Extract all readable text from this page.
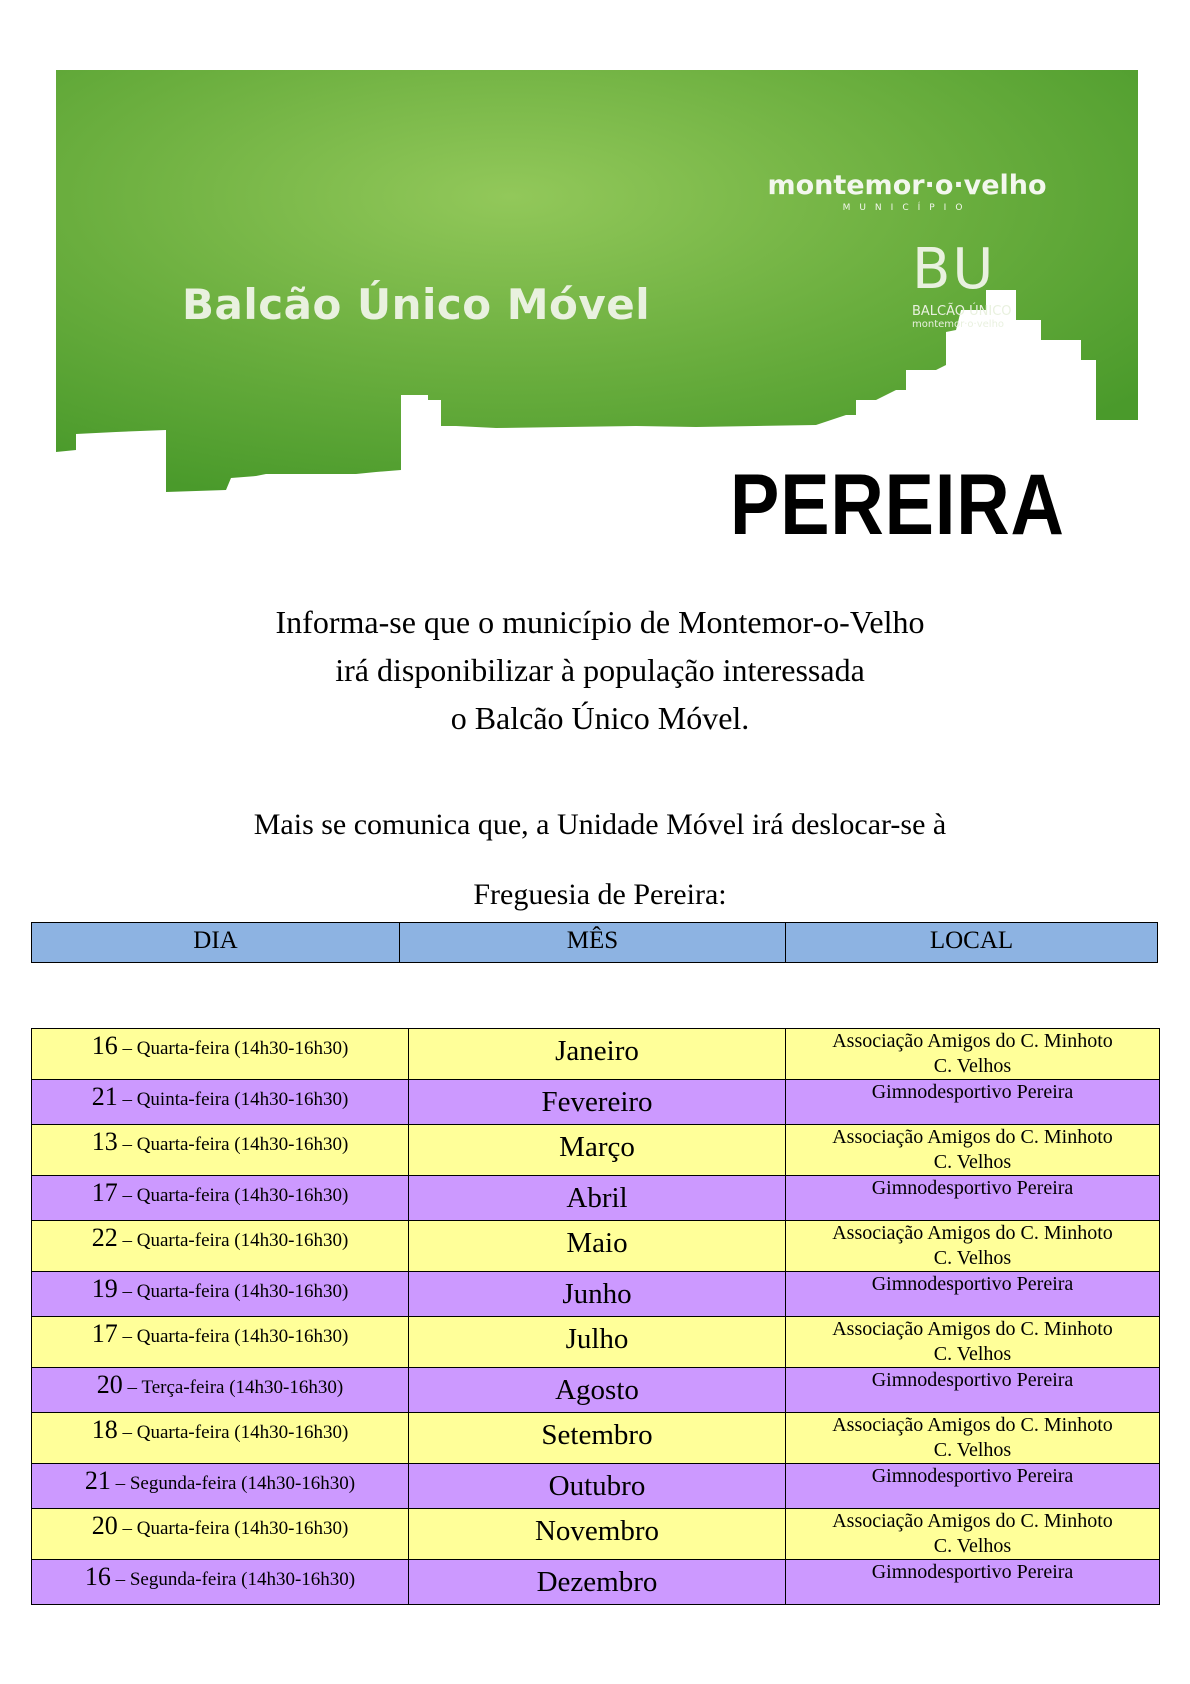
Balcão Único Móvel
montemor·o·velho
MUNICÍPIO
BU
BALCÃO ÚNICO
montemor·o·velho
PEREIRA
Informa-se que o município de Montemor-o-Velho
irá disponibilizar à população interessada
o Balcão Único Móvel.
Mais se comunica que, a Unidade Móvel irá deslocar-se à
Freguesia de Pereira:
DIA	MÊS	LOCAL
16 – Quarta-feira (14h30-16h30)	Janeiro	Associação Amigos do C. Minhoto
C. Velhos

21 – Quinta-feira (14h30-16h30)	Fevereiro	Gimnodesportivo Pereira

13 – Quarta-feira (14h30-16h30)	Março	Associação Amigos do C. Minhoto
C. Velhos

17 – Quarta-feira (14h30-16h30)	Abril	Gimnodesportivo Pereira

22 – Quarta-feira (14h30-16h30)	Maio	Associação Amigos do C. Minhoto
C. Velhos

19 – Quarta-feira (14h30-16h30)	Junho	Gimnodesportivo Pereira

17 – Quarta-feira (14h30-16h30)	Julho	Associação Amigos do C. Minhoto
C. Velhos

20 – Terça-feira (14h30-16h30)	Agosto	Gimnodesportivo Pereira

18 – Quarta-feira (14h30-16h30)	Setembro	Associação Amigos do C. Minhoto
C. Velhos

21 – Segunda-feira (14h30-16h30)	Outubro	Gimnodesportivo Pereira

20 – Quarta-feira (14h30-16h30)	Novembro	Associação Amigos do C. Minhoto
C. Velhos

16 – Segunda-feira (14h30-16h30)	Dezembro	Gimnodesportivo Pereira
